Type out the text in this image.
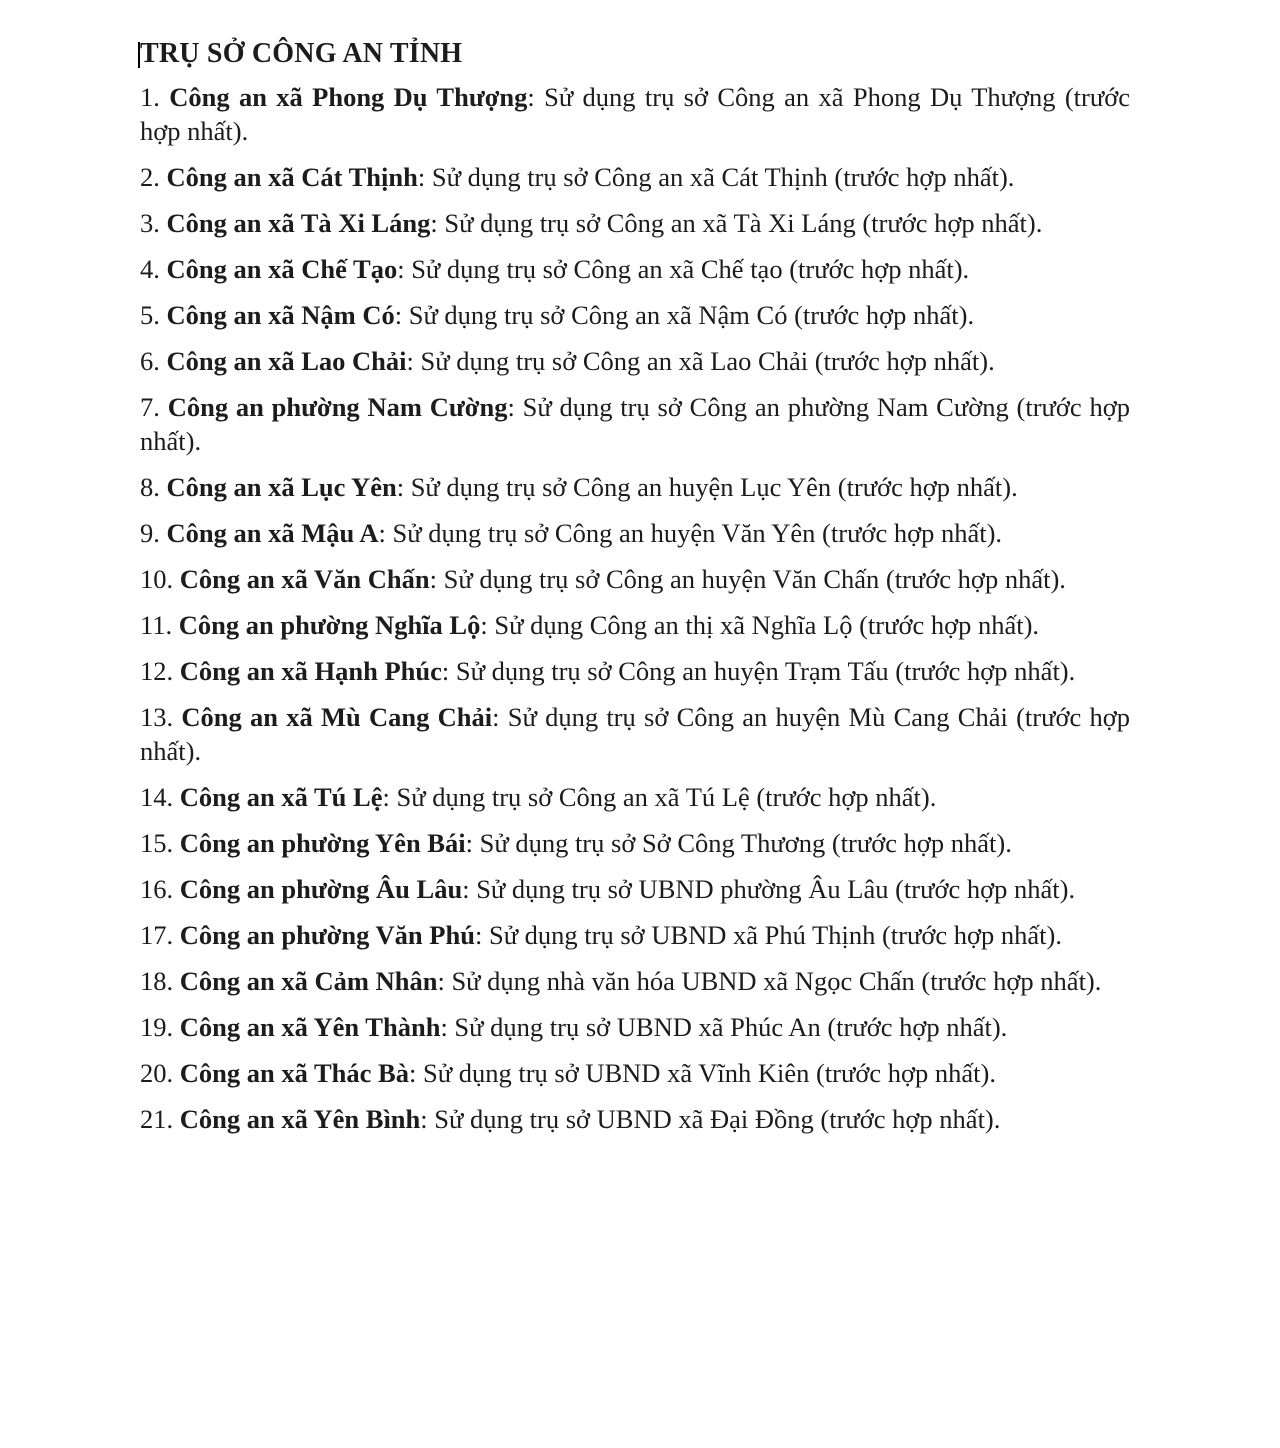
TRỤ SỞ CÔNG AN TỈNH
1. Công an xã Phong Dụ Thượng: Sử dụng trụ sở Công an xã Phong Dụ Thượng (trước hợp nhất).
2. Công an xã Cát Thịnh: Sử dụng trụ sở Công an xã Cát Thịnh (trước hợp nhất).
3. Công an xã Tà Xi Láng: Sử dụng trụ sở Công an xã Tà Xi Láng (trước hợp nhất).
4. Công an xã Chế Tạo: Sử dụng trụ sở Công an xã Chế tạo (trước hợp nhất).
5. Công an xã Nậm Có: Sử dụng trụ sở Công an xã Nậm Có (trước hợp nhất).
6. Công an xã Lao Chải: Sử dụng trụ sở Công an xã Lao Chải (trước hợp nhất).
7. Công an phường Nam Cường: Sử dụng trụ sở Công an phường Nam Cường (trước hợp nhất).
8. Công an xã Lục Yên: Sử dụng trụ sở Công an huyện Lục Yên (trước hợp nhất).
9. Công an xã Mậu A: Sử dụng trụ sở Công an huyện Văn Yên (trước hợp nhất).
10. Công an xã Văn Chấn: Sử dụng trụ sở Công an huyện Văn Chấn (trước hợp nhất).
11. Công an phường Nghĩa Lộ: Sử dụng Công an thị xã Nghĩa Lộ (trước hợp nhất).
12. Công an xã Hạnh Phúc: Sử dụng trụ sở Công an huyện Trạm Tấu (trước hợp nhất).
13. Công an xã Mù Cang Chải: Sử dụng trụ sở Công an huyện Mù Cang Chải (trước hợp nhất).
14. Công an xã Tú Lệ: Sử dụng trụ sở Công an xã Tú Lệ (trước hợp nhất).
15. Công an phường Yên Bái: Sử dụng trụ sở Sở Công Thương (trước hợp nhất).
16. Công an phường Âu Lâu: Sử dụng trụ sở UBND phường Âu Lâu (trước hợp nhất).
17. Công an phường Văn Phú: Sử dụng trụ sở UBND xã Phú Thịnh (trước hợp nhất).
18. Công an xã Cảm Nhân: Sử dụng nhà văn hóa UBND xã Ngọc Chấn (trước hợp nhất).
19. Công an xã Yên Thành: Sử dụng trụ sở UBND xã Phúc An (trước hợp nhất).
20. Công an xã Thác Bà: Sử dụng trụ sở UBND xã Vĩnh Kiên (trước hợp nhất).
21. Công an xã Yên Bình: Sử dụng trụ sở UBND xã Đại Đồng (trước hợp nhất).
